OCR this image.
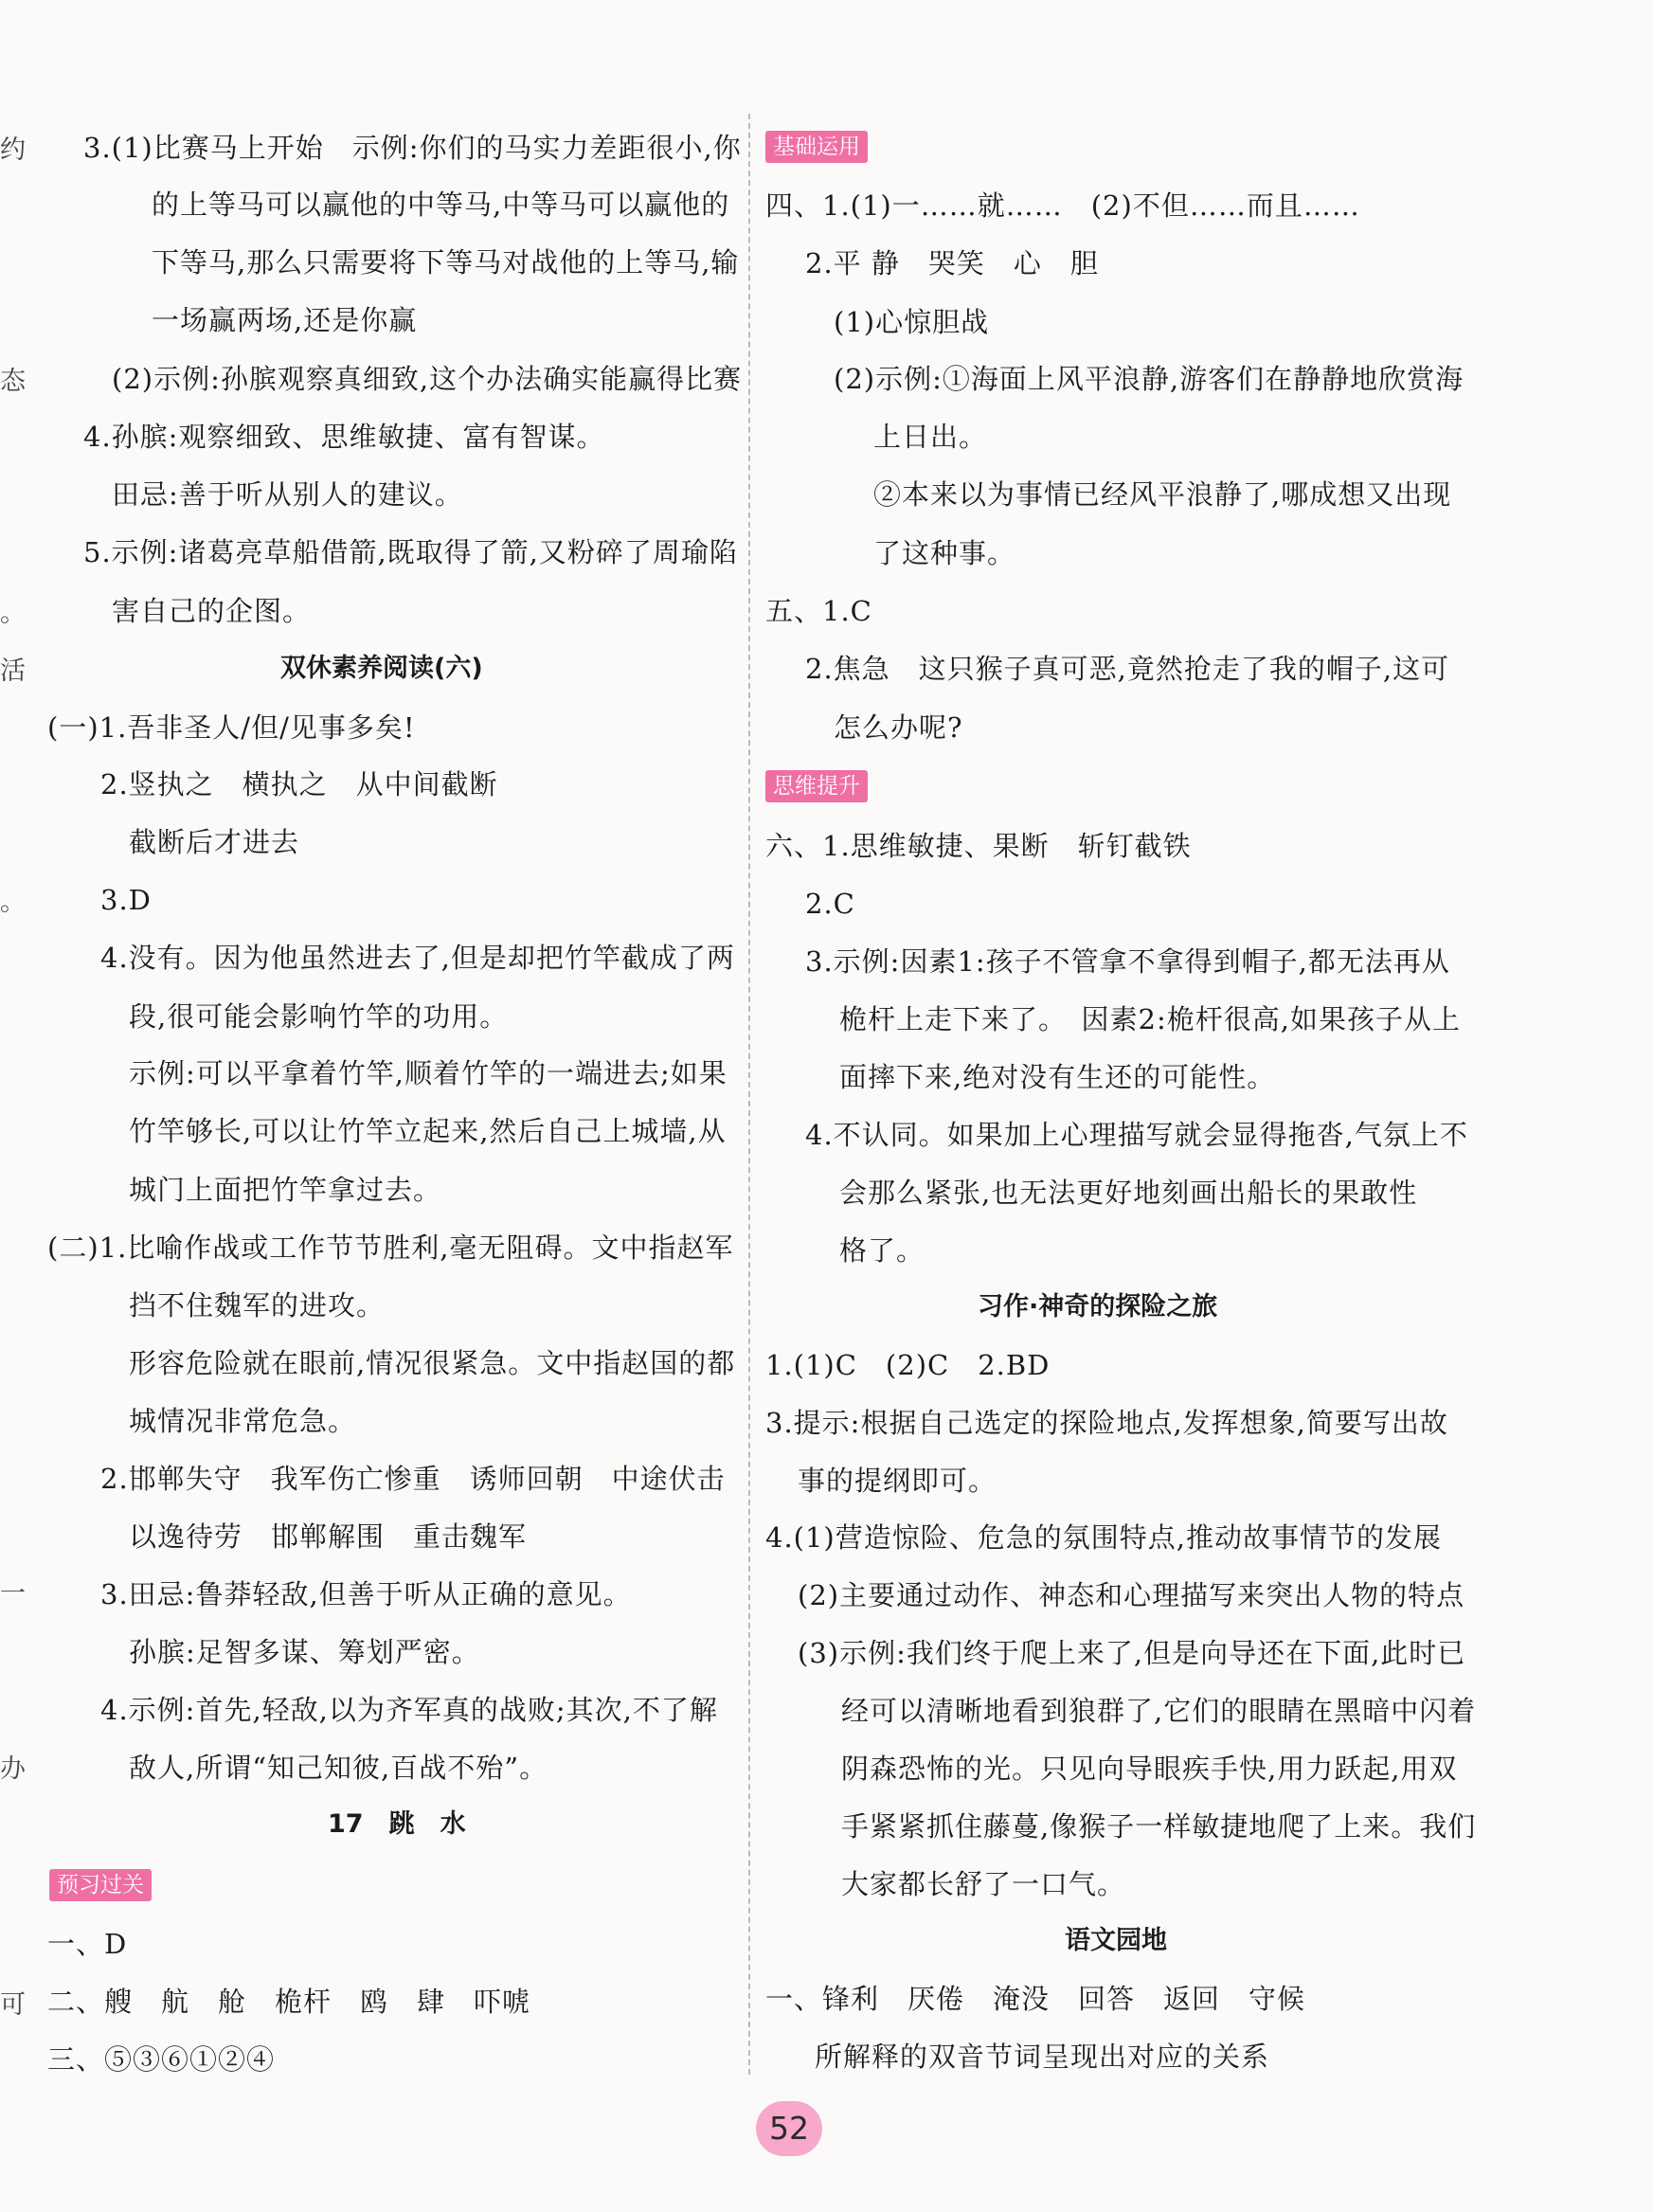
约
态
。
活
。
一
办
可
3.(1)比赛马上开始　示例:你们的马实力差距很小,你
的上等马可以赢他的中等马,中等马可以赢他的
下等马,那么只需要将下等马对战他的上等马,输
一场赢两场,还是你赢
(2)示例:孙膑观察真细致,这个办法确实能赢得比赛
4.孙膑:观察细致、思维敏捷、富有智谋。
田忌:善于听从别人的建议。
5.示例:诸葛亮草船借箭,既取得了箭,又粉碎了周瑜陷
害自己的企图。
双休素养阅读(六)
(一)1.吾非圣人/但/见事多矣!
2.竖执之　横执之　从中间截断
截断后才进去
3.D
4.没有。因为他虽然进去了,但是却把竹竿截成了两
段,很可能会影响竹竿的功用。
示例:可以平拿着竹竿,顺着竹竿的一端进去;如果
竹竿够长,可以让竹竿立起来,然后自己上城墙,从
城门上面把竹竿拿过去。
(二)1.比喻作战或工作节节胜利,毫无阻碍。文中指赵军
挡不住魏军的进攻。
形容危险就在眼前,情况很紧急。文中指赵国的都
城情况非常危急。
2.邯郸失守　我军伤亡惨重　诱师回朝　中途伏击
以逸待劳　邯郸解围　重击魏军
3.田忌:鲁莽轻敌,但善于听从正确的意见。
孙膑:足智多谋、筹划严密。
4.示例:首先,轻敌,以为齐军真的战败;其次,不了解
敌人,所谓“知己知彼,百战不殆”。
17　跳　水
预习过关
一、D
二、艘　航　舱　桅杆　鸥　肆　吓唬
三、⑤③⑥①②④
基础运用
四、1.(1)一……就……　(2)不但……而且……
2.平 静　哭笑　心　胆
(1)心惊胆战
(2)示例:①海面上风平浪静,游客们在静静地欣赏海
上日出。
②本来以为事情已经风平浪静了,哪成想又出现
了这种事。
五、1.C
2.焦急　这只猴子真可恶,竟然抢走了我的帽子,这可
怎么办呢?
思维提升
六、1.思维敏捷、果断　斩钉截铁
2.C
3.示例:因素1:孩子不管拿不拿得到帽子,都无法再从
桅杆上走下来了。　因素2:桅杆很高,如果孩子从上
面摔下来,绝对没有生还的可能性。
4.不认同。如果加上心理描写就会显得拖沓,气氛上不
会那么紧张,也无法更好地刻画出船长的果敢性
格了。
习作·神奇的探险之旅
1.(1)C　(2)C　2.BD
3.提示:根据自己选定的探险地点,发挥想象,简要写出故
事的提纲即可。
4.(1)营造惊险、危急的氛围特点,推动故事情节的发展
(2)主要通过动作、神态和心理描写来突出人物的特点
(3)示例:我们终于爬上来了,但是向导还在下面,此时已
经可以清晰地看到狼群了,它们的眼睛在黑暗中闪着
阴森恐怖的光。只见向导眼疾手快,用力跃起,用双
手紧紧抓住藤蔓,像猴子一样敏捷地爬了上来。我们
大家都长舒了一口气。
语文园地
一、锋利　厌倦　淹没　回答　返回　守候
所解释的双音节词呈现出对应的关系
52
